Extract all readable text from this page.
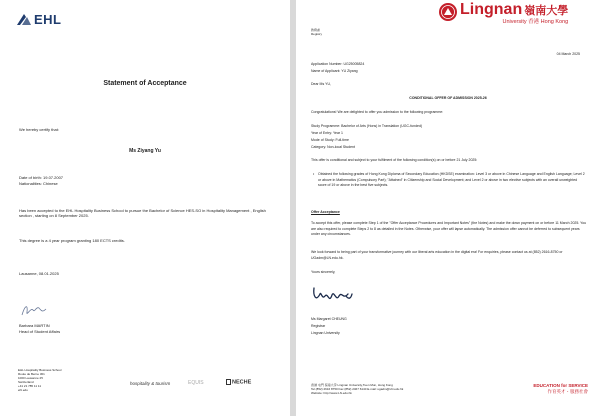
EHL
Statement of Acceptance
We hereby certify that:
Ms Ziyang Yu
Date of birth: 19.07.2007
Nationalities: Chinese
Has been accepted to the EHL Hospitality Business School to pursue the Bachelor of Science HES-SO in Hospitality Management , English section , starting on 8 September 2025.
This degree is a 4 year program granting 180 ECTS credits.
Lausanne, 08.01.2025
Barbara MARTIN
Head of Student Affairs
EHL Hospitality Business School
Route de Berne 301
1000 Lausanne 25
Switzerland
+41 21 785 11 11
ehl.edu
hospitality & tourism	EQUIS	NECHE
Lingnan 嶺南大學
University 香港 Hong Kong
教務處
Registry
04 March 2025
Application Number: UG25005824
Name of Applicant: YU Ziyang
Dear Ms YU,
CONDITIONAL OFFER OF ADMISSION 2025-26
Congratulations! We are delighted to offer you admission to the following programme:
Study Programme: Bachelor of Arts (Hons) in Translation (UGC-funded)
Year of Entry: Year 1
Mode of Study: Full-time
Category: Non-local Student
This offer is conditional and subject to your fulfilment of the following condition(s) on or before 21 July 2025:
• Obtained the following grades of Hong Kong Diploma of Secondary Education (HKDSE) examination: Level 3 or above in Chinese Language and English Language; Level 2 or above in Mathematics (Compulsory Part); "Attained" in Citizenship and Social Development; and Level 2 or above in two elective subjects with an overall unweighted score of 19 or above in the best five subjects.
Offer Acceptance
To accept this offer, please complete Step 1 of the "Offer Acceptance Procedures and Important Notes" (the Notes) and make the down payment on or before 11 March 2025. You are also required to complete Steps 2 to 8 as detailed in the Notes. Otherwise, your offer will lapse automatically. The admission offer cannot be deferred to subsequent years under any circumstances.
We look forward to being part of your transformative journey with our liberal arts education in the digital era! For enquiries, please contact us at (852) 2616-8750 or UGadm@LN.edu.hk.
Yours sincerely,
Ms Margaret CHEUNG
Registrar
Lingnan University
香港 屯門 嶺南大學 Lingnan University,Tuen Mun, Hong Kong
Tel (852) 2616 8750 Fax (852) 2467 6140 E-mail: ugadm@LN.edu.hk
Website: http://www.LN.edu.hk
EDUCATION for SERVICE
作育英才・服務社會
